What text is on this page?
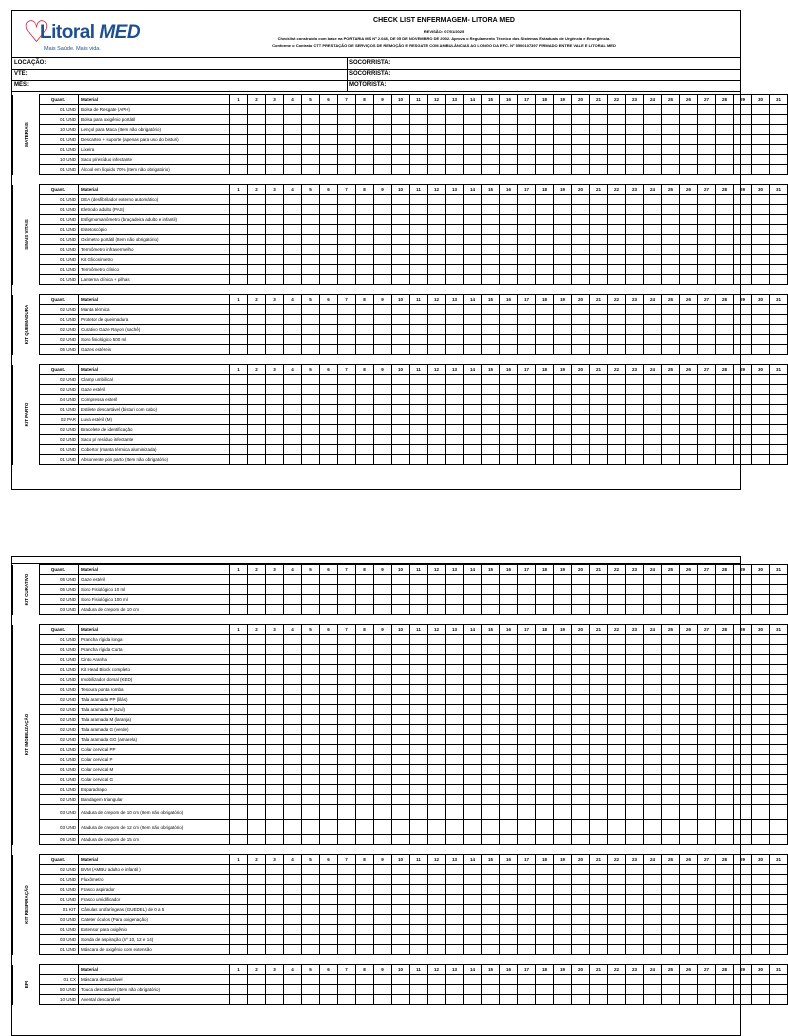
♡
Litoral MED
Mais Saúde. Mais vida.
CHECK LIST ENFERMAGEM- LITORA MED
REVISÃO: 07/01/2025
Checklist construído com base na PORTARIA MS Nº 2.048, DE 05 DE NOVEMBRO DE 2002. Aprova o Regulamento Técnico dos Sistemas Estaduais de Urgência e Emergência.
Conforme o Contrato CTT PRESTAÇÃO DE SERVIÇOS DE REMOÇÃO E RESGATE COM AMBULÂNCIAS AO LONGO DA EFC. Nº 5500107397 FIRMADO ENTRE VALE E LITORAL MED
LOCAÇÃO:	SOCORRISTA:
VTE:	SOCORRISTA:
MÊS:	MOTORISTA:
MATERIAIS	Quant.	Material	1	2	3	4	5	6	7	8	9	10	11	12	13	14	15	16	17	18	19	20	21	22	23	24	25	26	27	28	29	30	31
	01 UND	Bolsa de Resgate (APH)																															
	01 UND	Bolsa para oxigênio portátil																															
	10 UND	Lençol para Maca (Item não obrigatório)																															
	01 UND	Descartex + suporte (apenas para uso do bisturi)																															
	01 UND	Lixeira																															
	10 UND	Saco p/resíduo infectante																															
	01 UND	Álcool em líquido 70% (Item não obrigatório)																															
SINAIS VITAIS	Quant.	Material	1	2	3	4	5	6	7	8	9	10	11	12	13	14	15	16	17	18	19	20	21	22	23	24	25	26	27	28	29	30	31
	01 UND	DEA (desfibrilador externo automático)																															
	01 UND	Eletrodo adulto (PAS)																															
	01 UND	Esfigmomanômetro (braçadeira adulto e infantil)																															
	01 UND	Estetoscópio																															
	01 UND	Oxímetro portátil (Item não obrigatório)																															
	01 UND	Termômetro infravermelho																															
	01 UND	Kit Glicosímetro																															
	01 UND	Termômetro clínico																															
	01 UND	Lanterna clínica + pilhas																															
KIT QUEIMADURA	Quant.	Material	1	2	3	4	5	6	7	8	9	10	11	12	13	14	15	16	17	18	19	20	21	22	23	24	25	26	27	28	29	30	31
	02 UND	Manta térmica																															
	01 UND	Protetor de queimadura																															
	02 UND	Curativo Gaze Rayon (sachê)																															
	02 UND	Soro fisiológico 500 ml																															
	05 UND	Gazes estéreis																															
KIT PARTO	Quant.	Material	1	2	3	4	5	6	7	8	9	10	11	12	13	14	15	16	17	18	19	20	21	22	23	24	25	26	27	28	29	30	31
	02 UND	Clamp umbilical																															
	02 UND	Gaze estéril																															
	04 UND	Compressa esteril																															
	01 UND	Estilete descartável (bisturi com cabo)																															
	02 PAR	Luva estéril (M)																															
	02 UND	Bracelete de identificação																															
	02 UND	Saco p/ resíduo infectante																															
	01 UND	Cobertor (manta térmica aluminizada)																															
	01 UND	Absorvente pós parto (Item não obrigatório)																															
KIT CURATIVO	Quant.	Material	1	2	3	4	5	6	7	8	9	10	11	12	13	14	15	16	17	18	19	20	21	22	23	24	25	26	27	28	29	30	31
	05 UND	Gaze estéril																															
	05 UND	Soro Fisiológico 10 ml																															
	02 UND	Soro Fisiológico 100 ml																															
	03 UND	Atadura de crepom de 10 cm																															
KIT IMOBILIZAÇÃO	Quant.	Material	1	2	3	4	5	6	7	8	9	10	11	12	13	14	15	16	17	18	19	20	21	22	23	24	25	26	27	28	29	30	31
	01 UND	Prancha rígida longa																															
	01 UND	Prancha rígida Curta																															
	01 UND	Cinto Aranha																															
	01 UND	Kit Head Block completo																															
	01 UND	Imobilizador dorsal (KED)																															
	01 UND	Tesoura ponta romba																															
	02 UND	Tala aramada PP (lilás)																															
	02 UND	Tala aramada P (azul)																															
	02 UND	Tala aramada M (laranja)																															
	02 UND	Tala aramada G (verde)																															
	02 UND	Tala aramada GG (amarela)																															
	01 UND	Colar cervical PP																															
	01 UND	Colar cervical P																															
	01 UND	Colar cervical M																															
	01 UND	Colar cervical G																															
	01 UND	Esparadrapo																															
	02 UND	Bandagem triangular																															
	03 UND	Atadura de crepom de 10 cm (Item não obrigatório)																															
	03 UND	Atadura de crepom de 12 cm (Item não obrigatório)																															
	05 UND	Atadura de crepom de 15 cm																															
KIT RESPIRAÇÃO	Quant.	Material	1	2	3	4	5	6	7	8	9	10	11	12	13	14	15	16	17	18	19	20	21	22	23	24	25	26	27	28	29	30	31
	02 UND	BVM (AMBU adulto e infantil )																															
	01 UND	Fluxômetro																															
	01 UND	Frasco aspirador																															
	01 UND	Frasco umidificador																															
	01 KIT	Cânulas orofaríngeas (GUEDEL) de 0 a 5																															
	03 UND	Cateter óculos (Para oxigenação)																															
	01 UND	Extensor para oxigênio																															
	03 UND	Sonda de aspiração (nº 10, 12 e 14)																															
	01 UND	Máscara de oxigênio com extensão																															
EPI		Material	1	2	3	4	5	6	7	8	9	10	11	12	13	14	15	16	17	18	19	20	21	22	23	24	25	26	27	28	29	30	31
	01 CX	Máscara descartável																															
	50 UND	Touca descatável (Item não obrigatório)																															
	10 UND	Avental descartável																															
